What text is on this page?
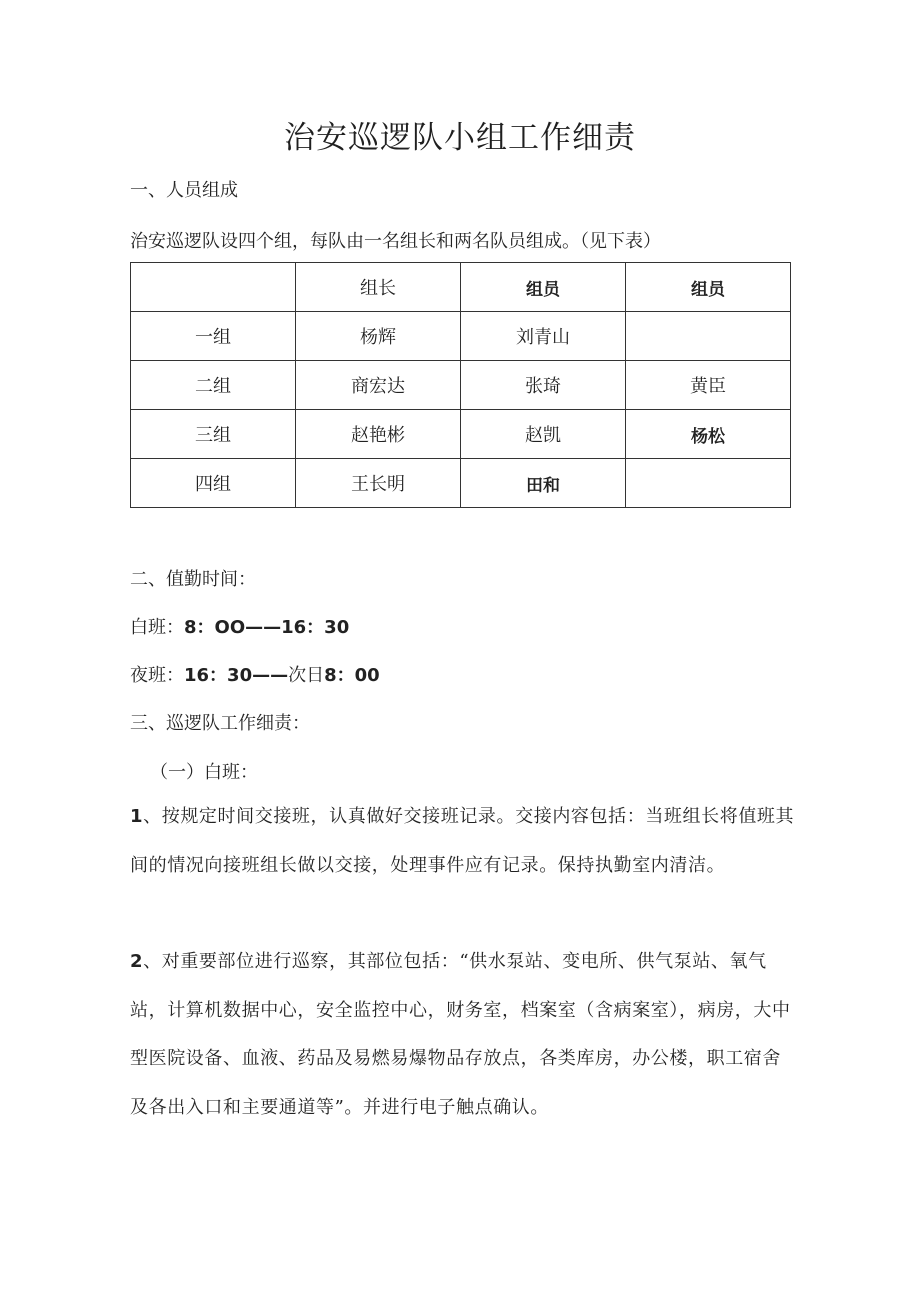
治安巡逻队小组工作细责
一、人员组成
治安巡逻队设四个组，每队由一名组长和两名队员组成。（见下表）
	组长	组员	组员
一组	杨辉	刘青山	
二组	商宏达	张琦	黄臣
三组	赵艳彬	赵凯	杨松
四组	王长明	田和	
二、值勤时间：
白班：8：OO——16：30
夜班：16：30——次日8：00
三、巡逻队工作细责：
（一）白班：
1、按规定时间交接班，认真做好交接班记录。交接内容包括：当班组长将值班其间的情况向接班组长做以交接，处理事件应有记录。保持执勤室内清洁。
2、对重要部位进行巡察，其部位包括：“供水泵站、变电所、供气泵站、氧气站，计算机数据中心，安全监控中心，财务室，档案室（含病案室），病房，大中型医院设备、血液、药品及易燃易爆物品存放点，各类库房，办公楼，职工宿舍及各出入口和主要通道等”。并进行电子触点确认。
